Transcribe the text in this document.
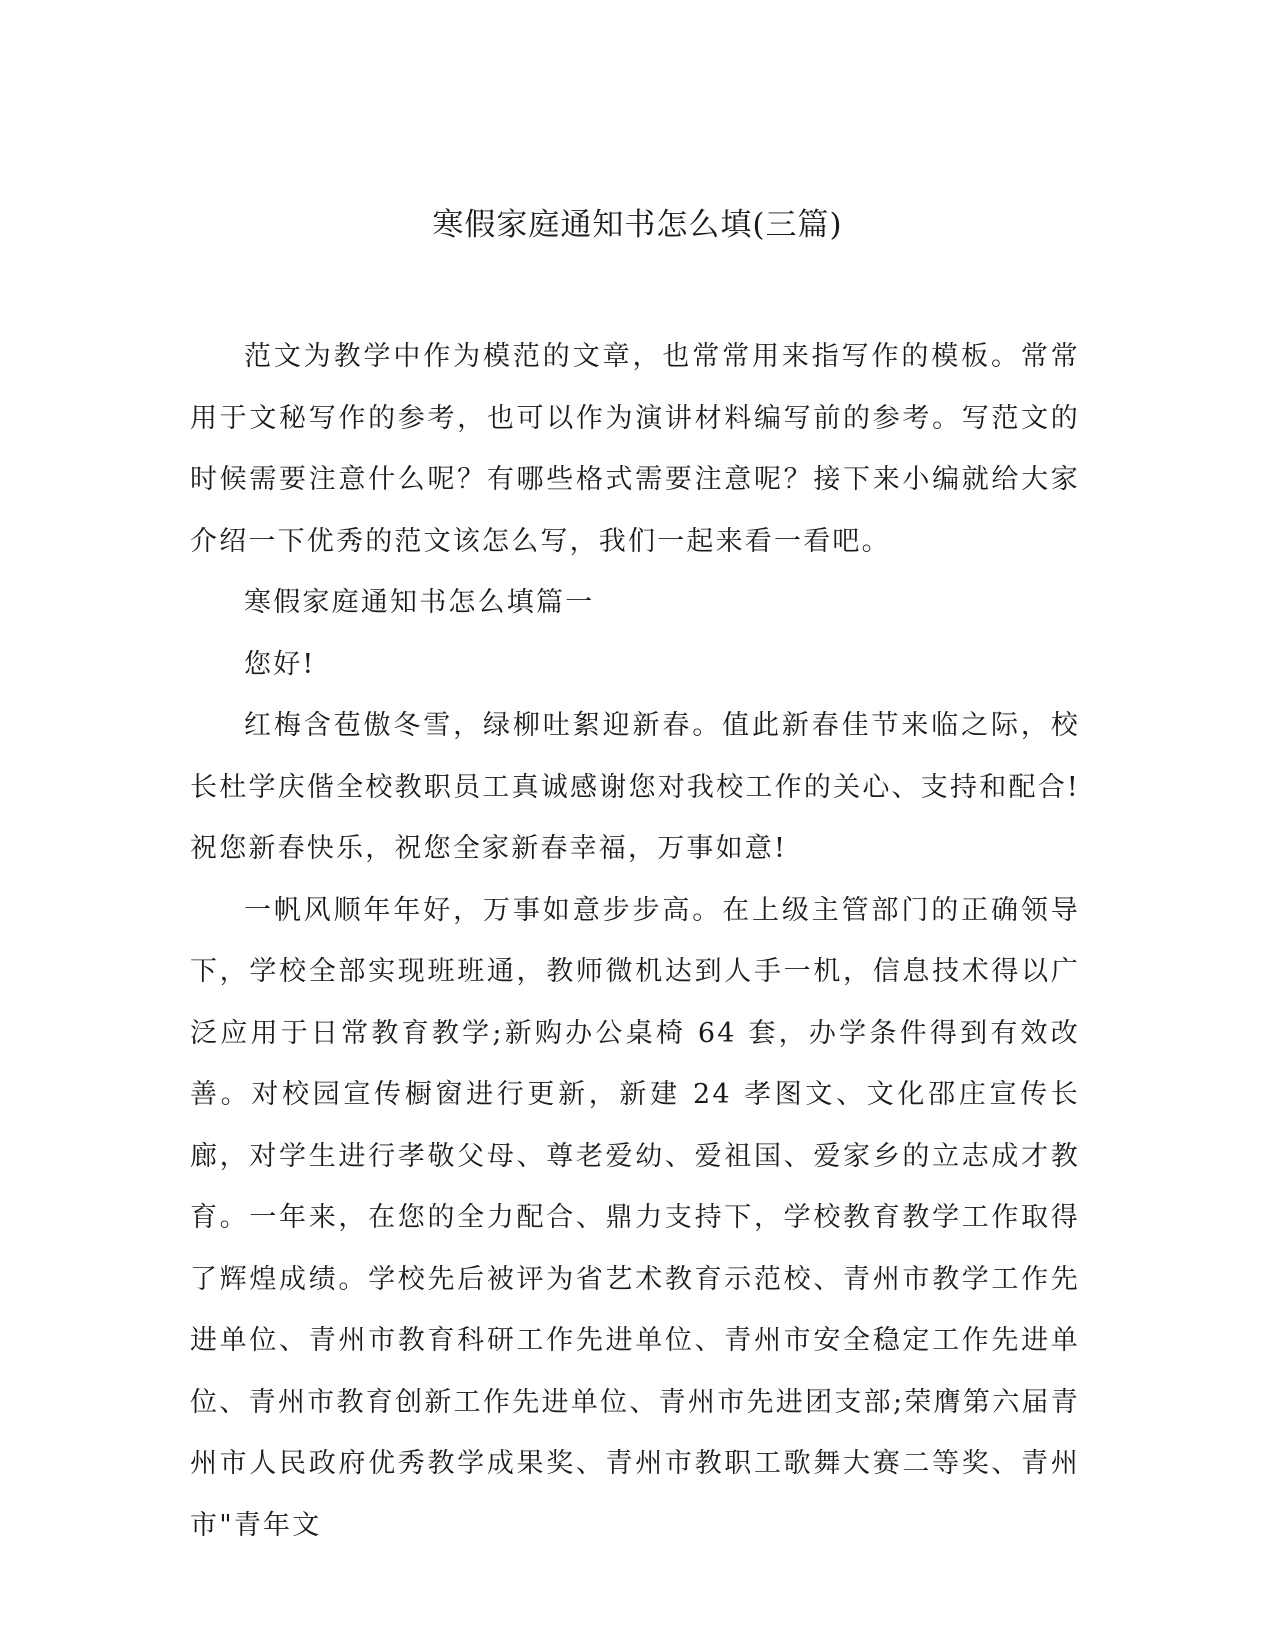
寒假家庭通知书怎么填(三篇)

范文为教学中作为模范的文章，也常常用来指写作的模板。常常用于文秘写作的参考，也可以作为演讲材料编写前的参考。写范文的时候需要注意什么呢？有哪些格式需要注意呢？接下来小编就给大家介绍一下优秀的范文该怎么写，我们一起来看一看吧。

寒假家庭通知书怎么填篇一

您好!

红梅含苞傲冬雪，绿柳吐絮迎新春。值此新春佳节来临之际，校长杜学庆偕全校教职员工真诚感谢您对我校工作的关心、支持和配合!祝您新春快乐，祝您全家新春幸福，万事如意!

一帆风顺年年好，万事如意步步高。在上级主管部门的正确领导下，学校全部实现班班通，教师微机达到人手一机，信息技术得以广泛应用于日常教育教学;新购办公桌椅 64 套，办学条件得到有效改善。对校园宣传橱窗进行更新，新建 24 孝图文、文化邵庄宣传长廊，对学生进行孝敬父母、尊老爱幼、爱祖国、爱家乡的立志成才教育。一年来，在您的全力配合、鼎力支持下，学校教育教学工作取得了辉煌成绩。学校先后被评为省艺术教育示范校、青州市教学工作先进单位、青州市教育科研工作先进单位、青州市安全稳定工作先进单位、青州市教育创新工作先进单位、青州市先进团支部;荣膺第六届青州市人民政府优秀教学成果奖、青州市教职工歌舞大赛二等奖、青州市"青年文
